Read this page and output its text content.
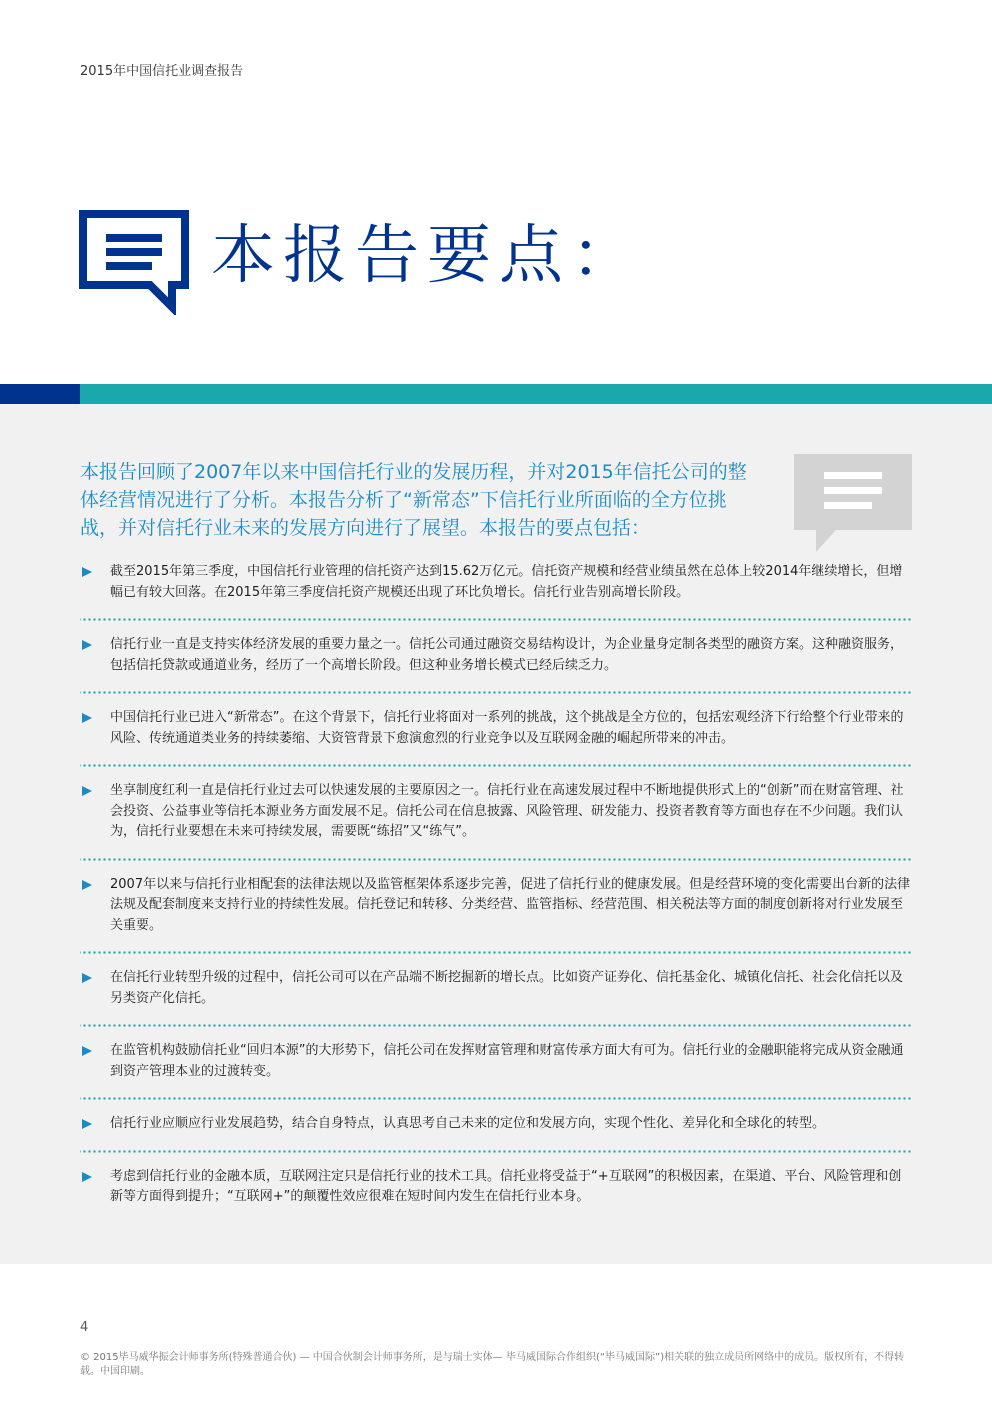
2015年中国信托业调查报告
本报告要点：
本报告回顾了2007年以来中国信托行业的发展历程，并对2015年信托公司的整体经营情况进行了分析。本报告分析了“新常态”下信托行业所面临的全方位挑战，并对信托行业未来的发展方向进行了展望。本报告的要点包括：
截至2015年第三季度，中国信托行业管理的信托资产达到15.62万亿元。信托资产规模和经营业绩虽然在总体上较2014年继续增长，但增幅已有较大回落。在2015年第三季度信托资产规模还出现了环比负增长。信托行业告别高增长阶段。
信托行业一直是支持实体经济发展的重要力量之一。信托公司通过融资交易结构设计，为企业量身定制各类型的融资方案。这种融资服务，包括信托贷款或通道业务，经历了一个高增长阶段。但这种业务增长模式已经后续乏力。
中国信托行业已进入“新常态”。在这个背景下，信托行业将面对一系列的挑战，这个挑战是全方位的，包括宏观经济下行给整个行业带来的风险、传统通道类业务的持续萎缩、大资管背景下愈演愈烈的行业竞争以及互联网金融的崛起所带来的冲击。
坐享制度红利一直是信托行业过去可以快速发展的主要原因之一。信托行业在高速发展过程中不断地提供形式上的“创新”而在财富管理、社会投资、公益事业等信托本源业务方面发展不足。信托公司在信息披露、风险管理、研发能力、投资者教育等方面也存在不少问题。我们认为，信托行业要想在未来可持续发展，需要既“练招”又“练气”。
2007年以来与信托行业相配套的法律法规以及监管框架体系逐步完善，促进了信托行业的健康发展。但是经营环境的变化需要出台新的法律法规及配套制度来支持行业的持续性发展。信托登记和转移、分类经营、监管指标、经营范围、相关税法等方面的制度创新将对行业发展至关重要。
在信托行业转型升级的过程中，信托公司可以在产品端不断挖掘新的增长点。比如资产证券化、信托基金化、城镇化信托、社会化信托以及另类资产化信托。
在监管机构鼓励信托业“回归本源”的大形势下，信托公司在发挥财富管理和财富传承方面大有可为。信托行业的金融职能将完成从资金融通到资产管理本业的过渡转变。
信托行业应顺应行业发展趋势，结合自身特点，认真思考自己未来的定位和发展方向，实现个性化、差异化和全球化的转型。
考虑到信托行业的金融本质，互联网注定只是信托行业的技术工具。信托业将受益于“+互联网”的积极因素，在渠道、平台、风险管理和创新等方面得到提升；“互联网+”的颠覆性效应很难在短时间内发生在信托行业本身。
4
© 2015毕马威华振会计师事务所(特殊普通合伙) — 中国合伙制会计师事务所，是与瑞士实体— 毕马威国际合作组织(“毕马威国际”)相关联的独立成员所网络中的成员。版权所有，不得转载。中国印刷。
